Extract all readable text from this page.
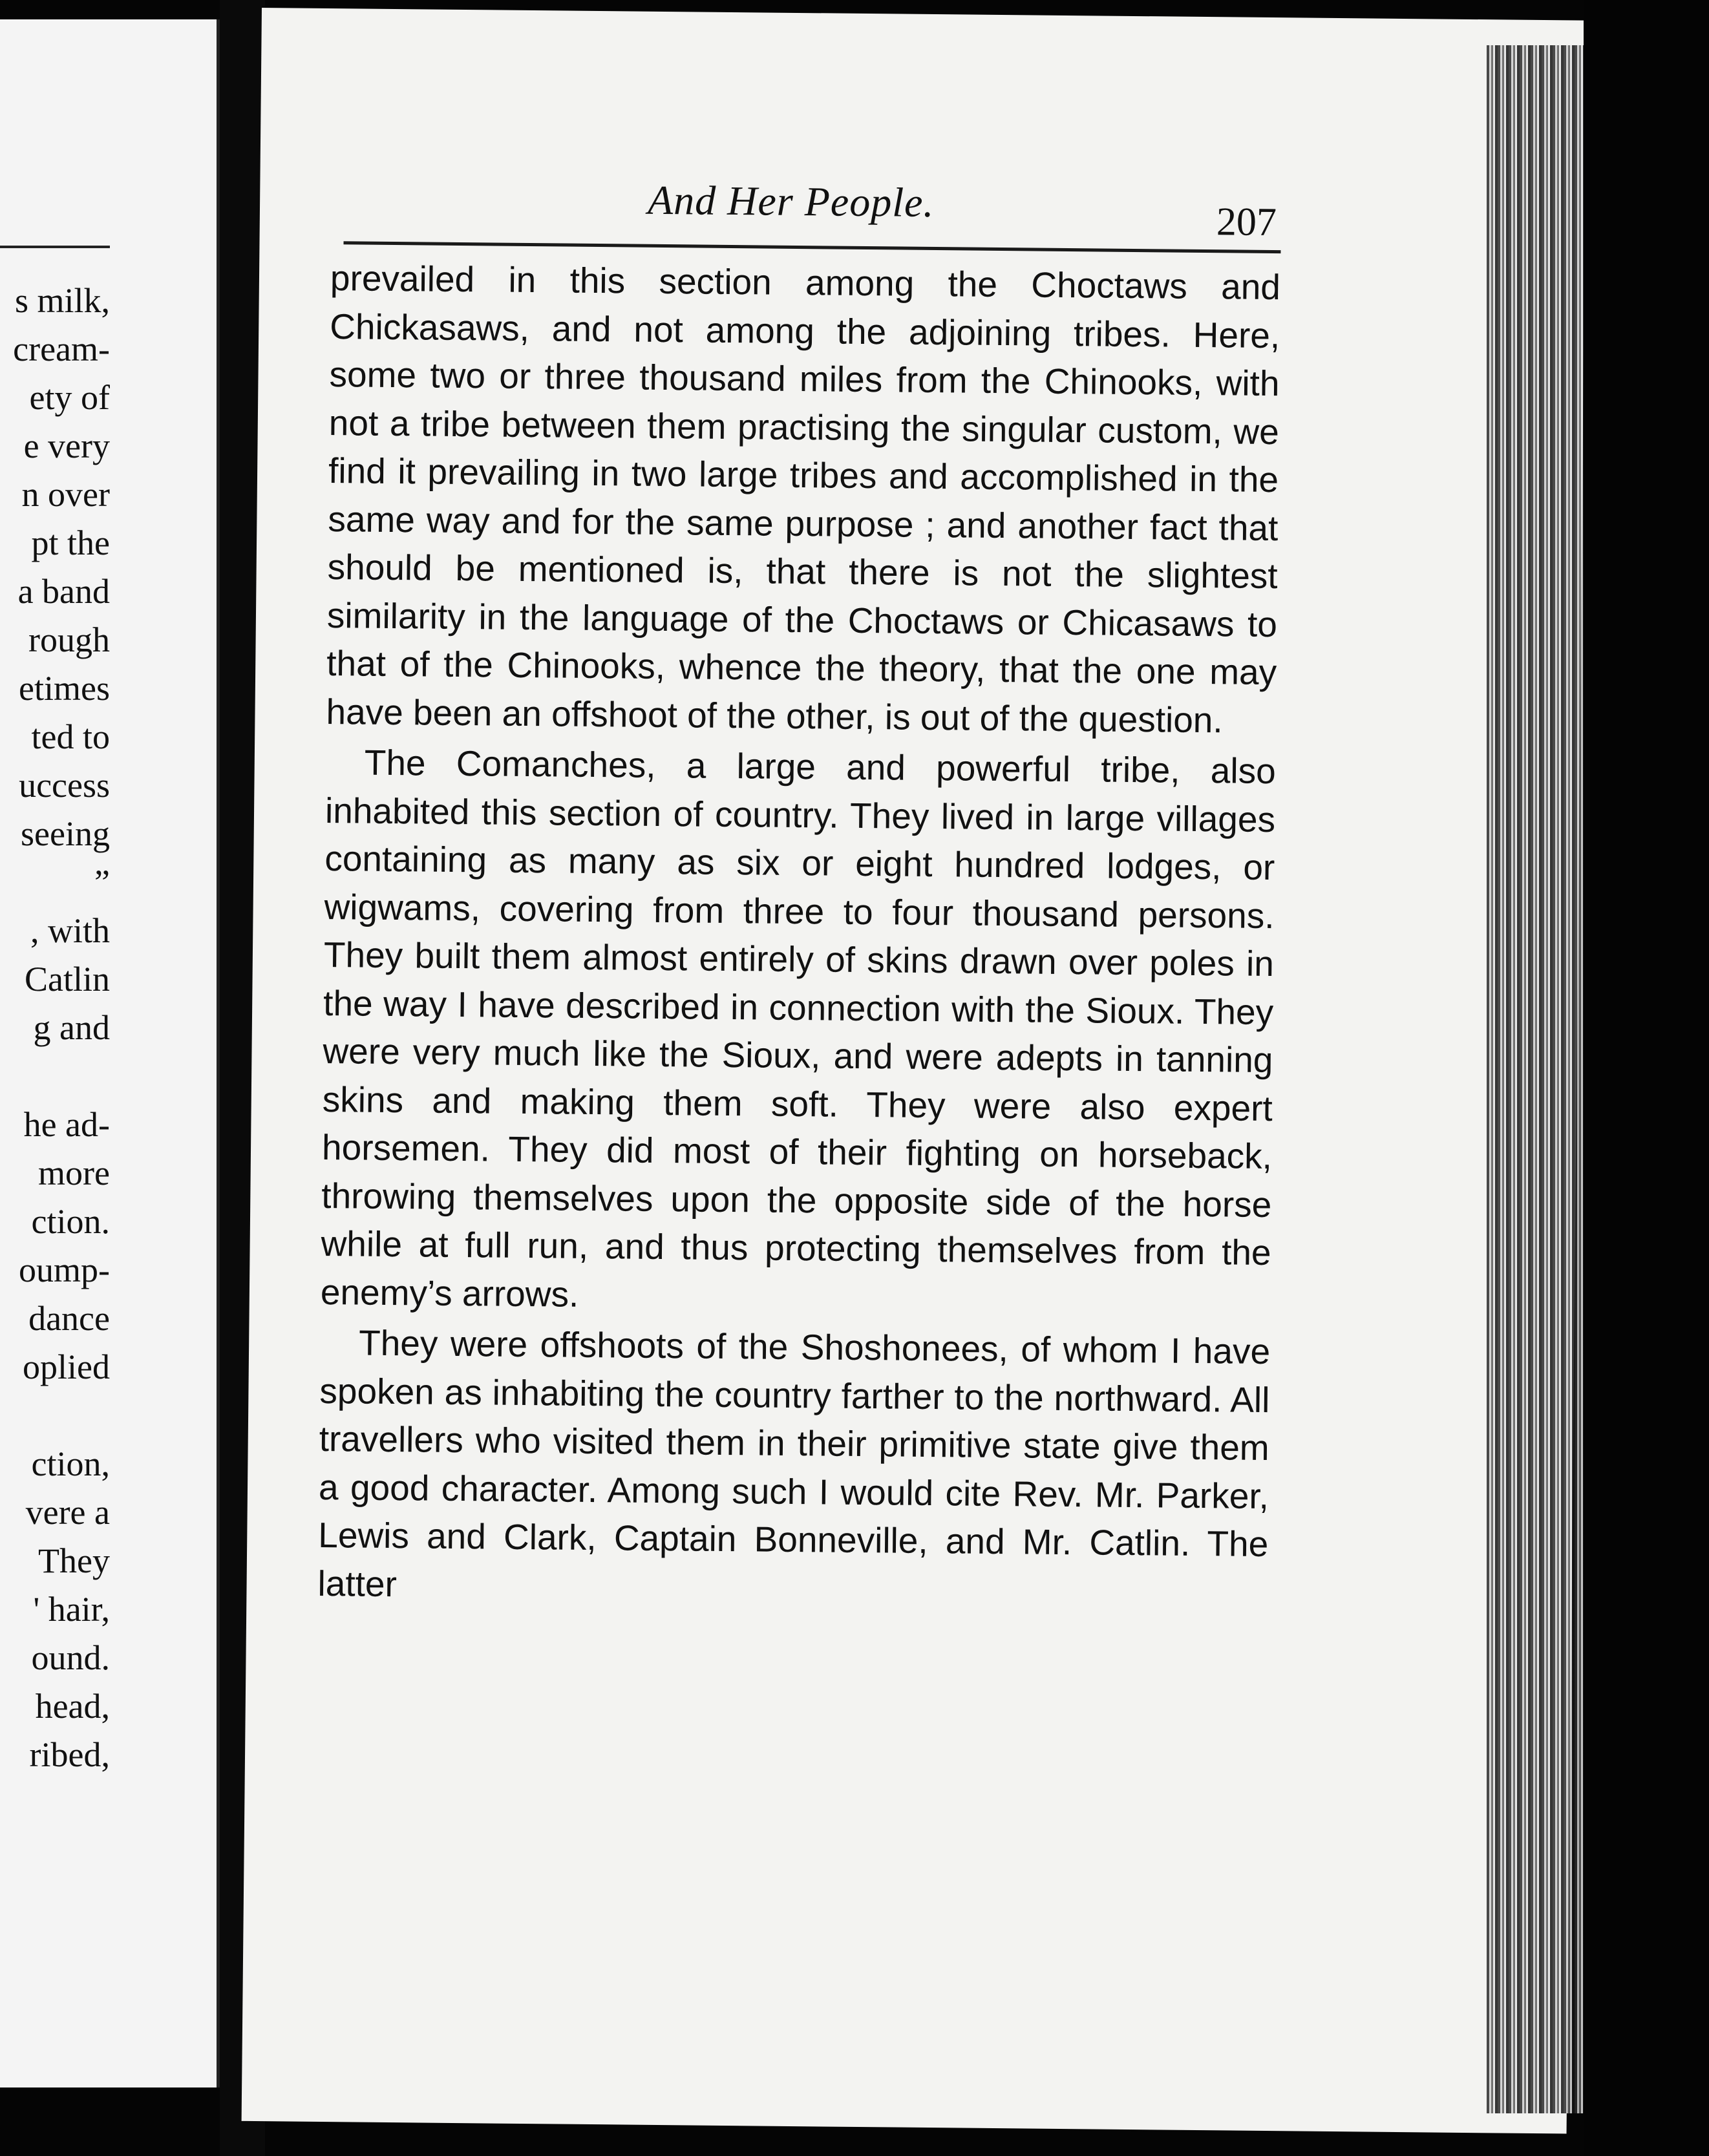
s milk,
cream-
ety of
e very
n over
pt the
a band
rough
etimes
ted to
uccess
seeing
”
, with
Catlin
g and
he ad-
more
ction.
oump-
dance
oplied
ction,
vere a
They
' hair,
ound.
head,
ribed,
And Her People.	207

prevailed in this section among the Choctaws and Chickasaws, and not among the adjoining tribes. Here, some two or three thousand miles from the Chinooks, with not a tribe between them practising the singular custom, we find it prevailing in two large tribes and accomplished in the same way and for the same purpose ; and another fact that should be mentioned is, that there is not the slightest similarity in the language of the Choctaws or Chicasaws to that of the Chinooks, whence the theory, that the one may have been an offshoot of the other, is out of the question.

The Comanches, a large and powerful tribe, also inhabited this section of country. They lived in large villages containing as many as six or eight hundred lodges, or wigwams, covering from three to four thousand persons. They built them almost entirely of skins drawn over poles in the way I have described in connection with the Sioux. They were very much like the Sioux, and were adepts in tanning skins and making them soft. They were also expert horsemen. They did most of their fighting on horseback, throwing themselves upon the opposite side of the horse while at full run, and thus protecting themselves from the enemy’s arrows.

They were offshoots of the Shoshonees, of whom I have spoken as inhabiting the country farther to the northward. All travellers who visited them in their primitive state give them a good character. Among such I would cite Rev. Mr. Parker, Lewis and Clark, Captain Bonneville, and Mr. Catlin. The latter
